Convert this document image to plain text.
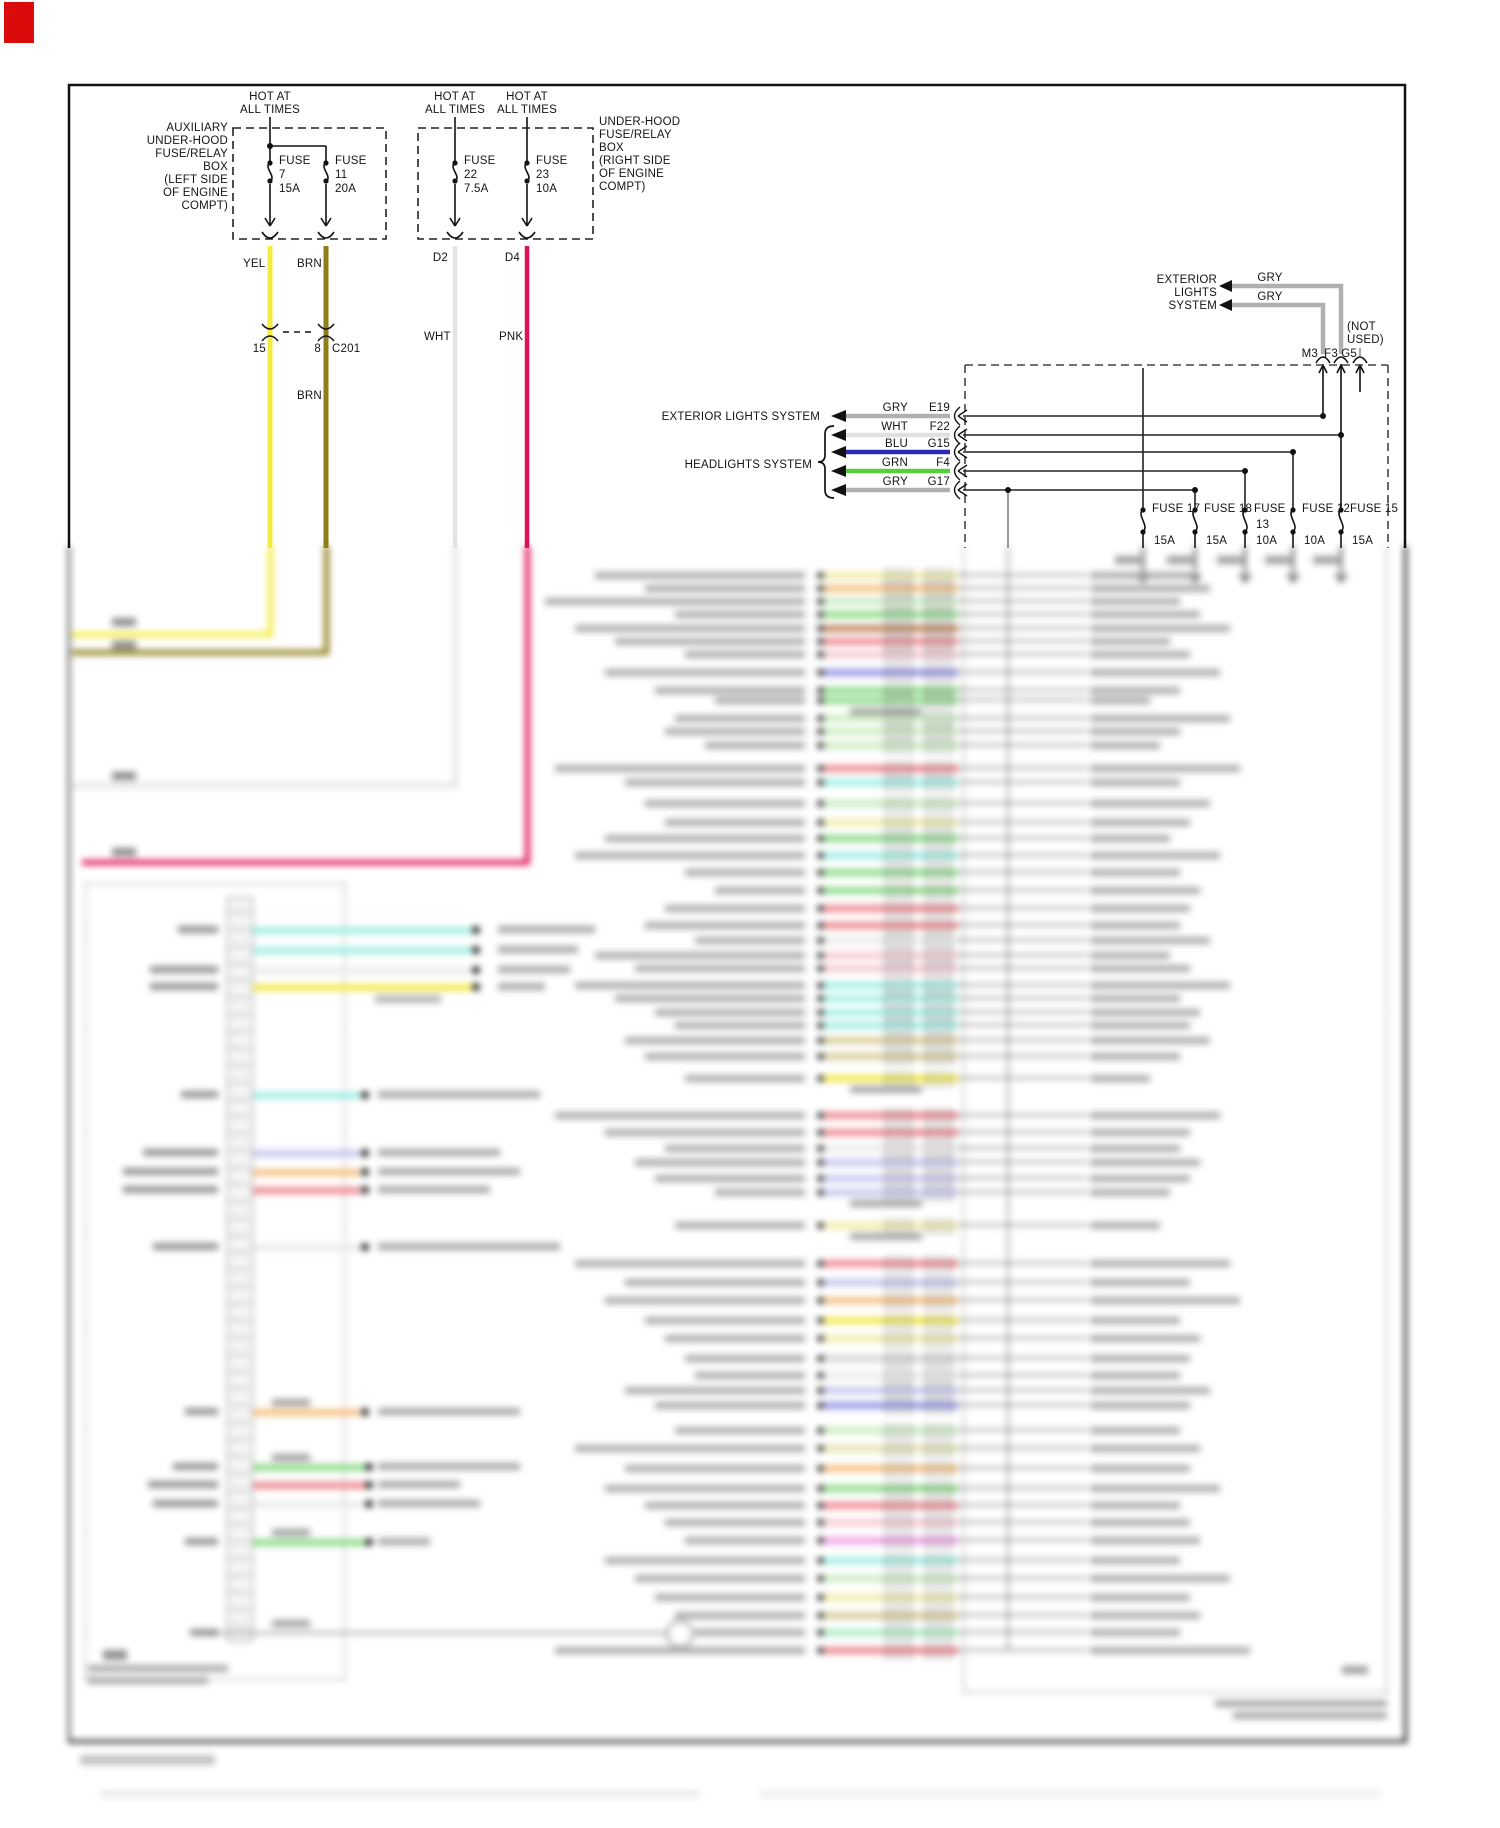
HOT AT
ALL TIMES
HOT AT
ALL TIMES
HOT AT
ALL TIMES
AUXILIARY
UNDER-HOOD
FUSE/RELAY
BOX
(LEFT SIDE
OF ENGINE
COMPT)
UNDER-HOOD
FUSE/RELAY
BOX
(RIGHT SIDE
OF ENGINE
COMPT)
FUSE
7
15A
FUSE
11
20A
FUSE
22
7.5A
FUSE
23
10A
YEL	BRN
BRN
WHT	PNK
D2	D4
15	8 C201
EXTERIOR
LIGHTS
SYSTEM
GRY
GRY
(NOT
USED)
M3 F3 G5
EXTERIOR LIGHTS SYSTEM
HEADLIGHTS SYSTEM
GRY E19
WHT F22
BLU G15
GRN F4
GRY G17
FUSE 17
15A
FUSE 18
15A
FUSE
13
10A
FUSE 12
10A
FUSE 15
15A
